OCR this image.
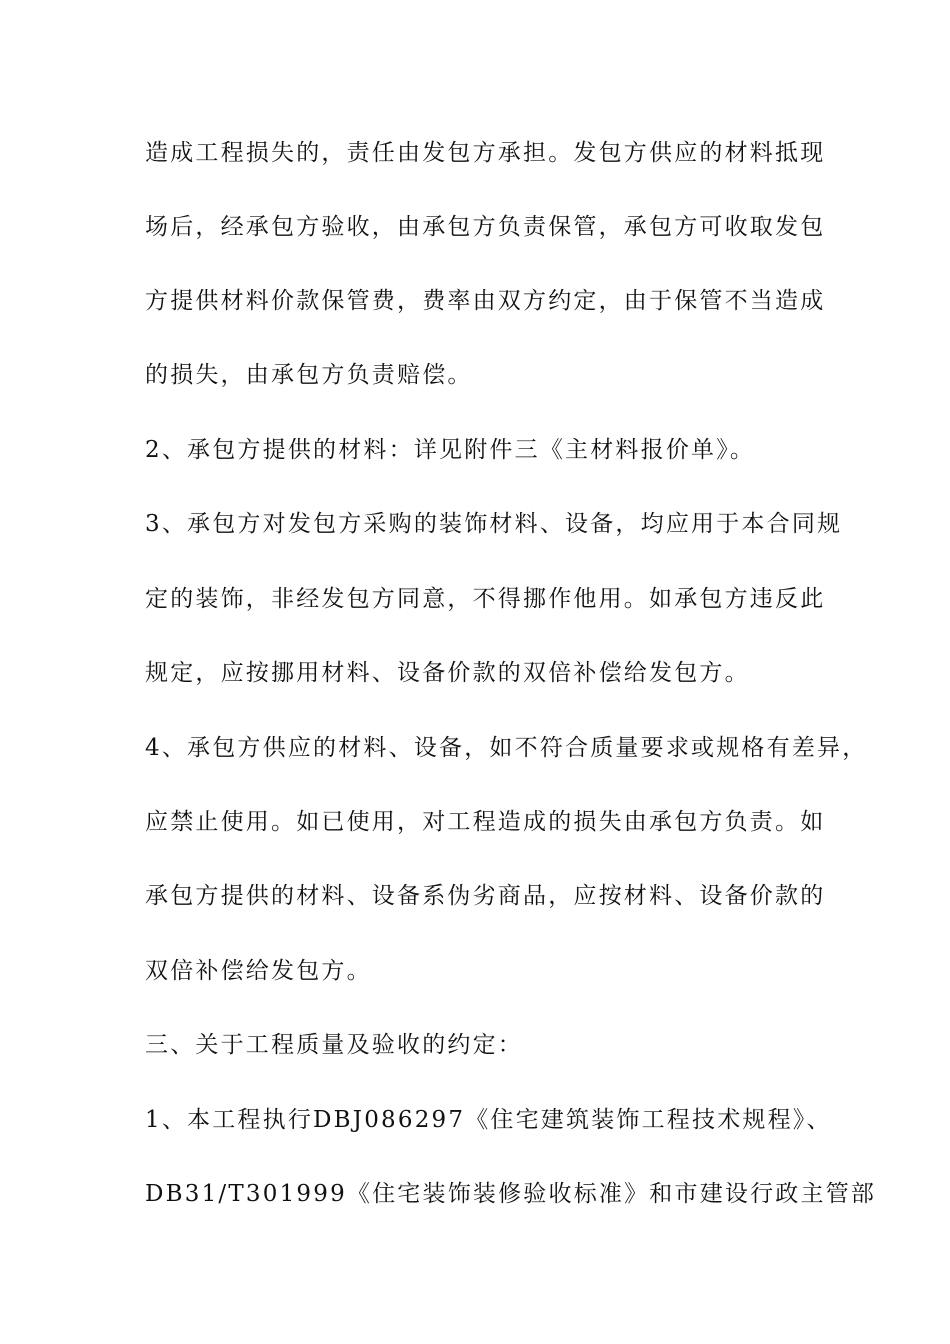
造成工程损失的，责任由发包方承担。发包方供应的材料抵现
场后，经承包方验收，由承包方负责保管，承包方可收取发包
方提供材料价款保管费，费率由双方约定，由于保管不当造成
的损失，由承包方负责赔偿。
2、承包方提供的材料：详见附件三《主材料报价单》。
3、承包方对发包方采购的装饰材料、设备，均应用于本合同规
定的装饰，非经发包方同意，不得挪作他用。如承包方违反此
规定，应按挪用材料、设备价款的双倍补偿给发包方。
4、承包方供应的材料、设备，如不符合质量要求或规格有差异，
应禁止使用。如已使用，对工程造成的损失由承包方负责。如
承包方提供的材料、设备系伪劣商品，应按材料、设备价款的
双倍补偿给发包方。
三、关于工程质量及验收的约定：
1、本工程执行DBJ086297《住宅建筑装饰工程技术规程》、
DB31/T301999《住宅装饰装修验收标准》和市建设行政主管部
